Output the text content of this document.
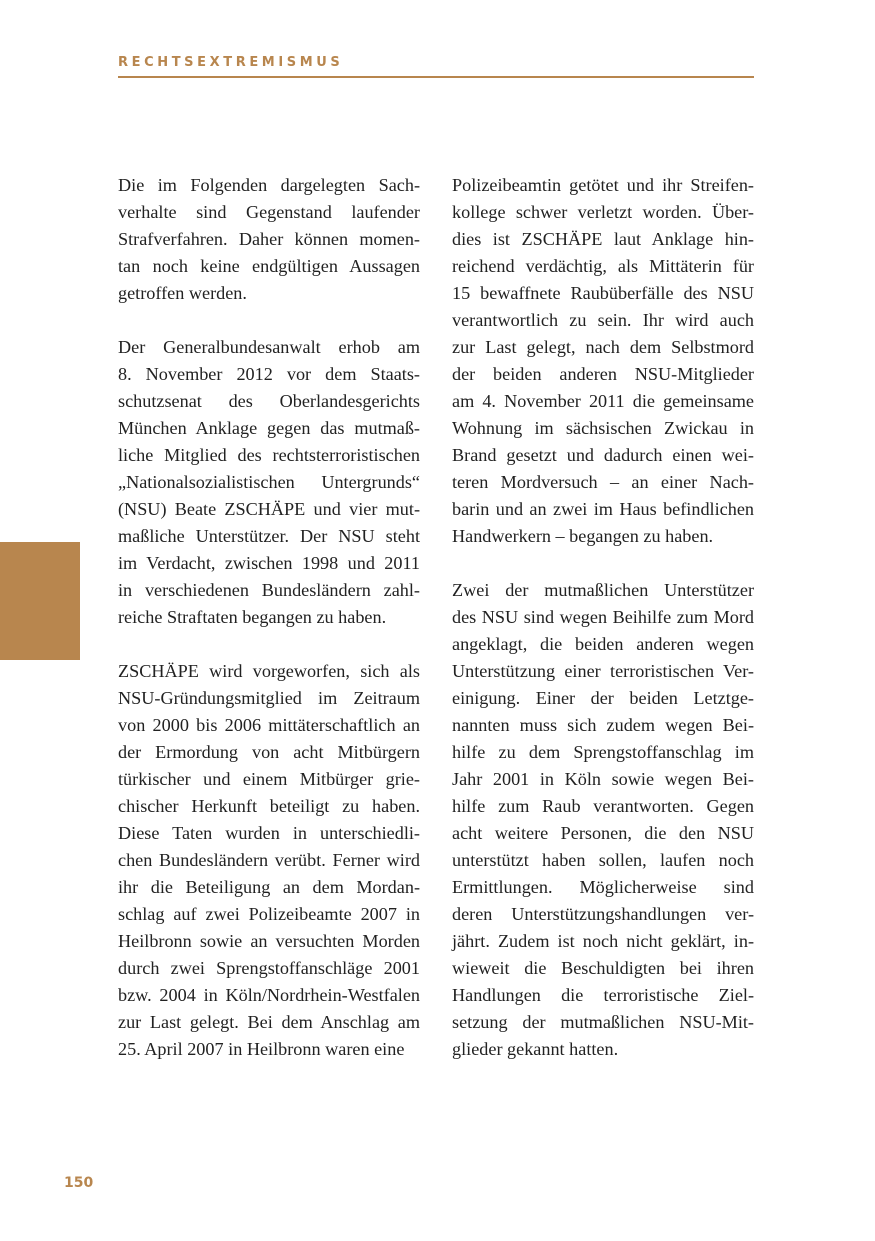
RECHTSEXTREMISMUS

Die im Folgenden dargelegten Sach-
verhalte sind Gegenstand laufender
Strafverfahren. Daher können momen-
tan noch keine endgültigen Aussagen
getroffen werden.

Der Generalbundesanwalt erhob am
8. November 2012 vor dem Staats-
schutzsenat des Oberlandesgerichts
München Anklage gegen das mutmaß-
liche Mitglied des rechtsterroristischen
„Nationalsozialistischen Untergrunds“
(NSU) Beate ZSCHÄPE und vier mut-
maßliche Unterstützer. Der NSU steht
im Verdacht, zwischen 1998 und 2011
in verschiedenen Bundesländern zahl-
reiche Straftaten begangen zu haben.

ZSCHÄPE wird vorgeworfen, sich als
NSU-Gründungsmitglied im Zeitraum
von 2000 bis 2006 mittäterschaftlich an
der Ermordung von acht Mitbürgern
türkischer und einem Mitbürger grie-
chischer Herkunft beteiligt zu haben.
Diese Taten wurden in unterschiedli-
chen Bundesländern verübt. Ferner wird
ihr die Beteiligung an dem Mordan-
schlag auf zwei Polizeibeamte 2007 in
Heilbronn sowie an versuchten Morden
durch zwei Sprengstoffanschläge 2001
bzw. 2004 in Köln/Nordrhein-Westfalen
zur Last gelegt. Bei dem Anschlag am
25. April 2007 in Heilbronn waren eine

Polizeibeamtin getötet und ihr Streifen-
kollege schwer verletzt worden. Über-
dies ist ZSCHÄPE laut Anklage hin-
reichend verdächtig, als Mittäterin für
15 bewaffnete Raubüberfälle des NSU
verantwortlich zu sein. Ihr wird auch
zur Last gelegt, nach dem Selbstmord
der beiden anderen NSU-Mitglieder
am 4. November 2011 die gemeinsame
Wohnung im sächsischen Zwickau in
Brand gesetzt und dadurch einen wei-
teren Mordversuch – an einer Nach-
barin und an zwei im Haus befindlichen
Handwerkern – begangen zu haben.

Zwei der mutmaßlichen Unterstützer
des NSU sind wegen Beihilfe zum Mord
angeklagt, die beiden anderen wegen
Unterstützung einer terroristischen Ver-
einigung. Einer der beiden Letztge-
nannten muss sich zudem wegen Bei-
hilfe zu dem Sprengstoffanschlag im
Jahr 2001 in Köln sowie wegen Bei-
hilfe zum Raub verantworten. Gegen
acht weitere Personen, die den NSU
unterstützt haben sollen, laufen noch
Ermittlungen. Möglicherweise sind
deren Unterstützungshandlungen ver-
jährt. Zudem ist noch nicht geklärt, in-
wieweit die Beschuldigten bei ihren
Handlungen die terroristische Ziel-
setzung der mutmaßlichen NSU-Mit-
glieder gekannt hatten.

150
